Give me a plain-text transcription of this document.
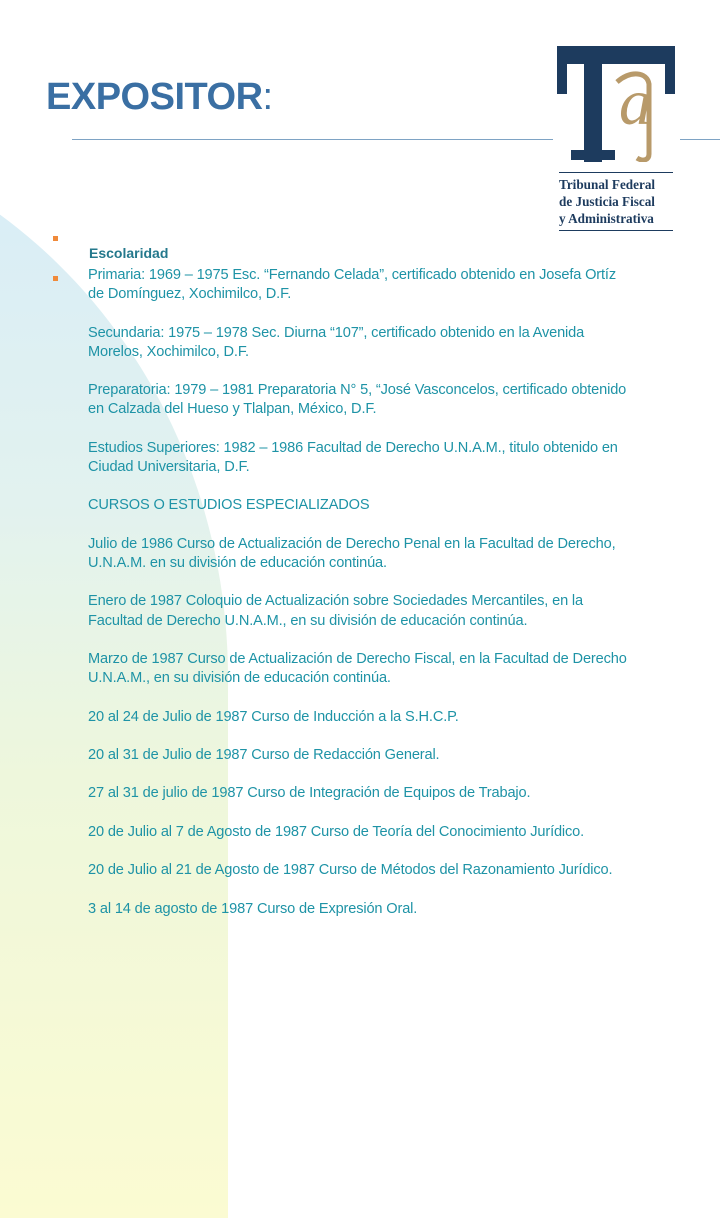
EXPOSITOR:	a
Tribunal Federal
de Justicia Fiscal
y Administrativa
Escolaridad
Primaria: 1969 – 1975 Esc. “Fernando Celada”, certificado obtenido en Josefa Ortíz
de Domínguez, Xochimilco, D.F.
Secundaria: 1975 – 1978 Sec. Diurna “107”, certificado obtenido en la Avenida
Morelos, Xochimilco, D.F.
Preparatoria: 1979 – 1981 Preparatoria N° 5, “José Vasconcelos, certificado obtenido
en Calzada del Hueso y Tlalpan, México, D.F.
Estudios Superiores: 1982 – 1986 Facultad de Derecho U.N.A.M., titulo obtenido en
Ciudad Universitaria, D.F.
CURSOS O ESTUDIOS ESPECIALIZADOS
Julio de 1986 Curso de Actualización de Derecho Penal en la Facultad de Derecho,
U.N.A.M. en su división de educación continúa.
Enero de 1987 Coloquio de Actualización sobre Sociedades Mercantiles, en la
Facultad de Derecho U.N.A.M., en su división de educación continúa.
Marzo de 1987 Curso de Actualización de Derecho Fiscal, en la Facultad de Derecho
U.N.A.M., en su división de educación continúa.
20 al 24 de Julio de 1987 Curso de Inducción a la S.H.C.P.
20 al 31 de Julio de 1987 Curso de Redacción General.
27 al 31 de julio de 1987 Curso de Integración de Equipos de Trabajo.
20 de Julio al 7 de Agosto de 1987 Curso de Teoría del Conocimiento Jurídico.
20 de Julio al 21 de Agosto de 1987 Curso de Métodos del Razonamiento Jurídico.
3 al 14 de agosto de 1987 Curso de Expresión Oral.
